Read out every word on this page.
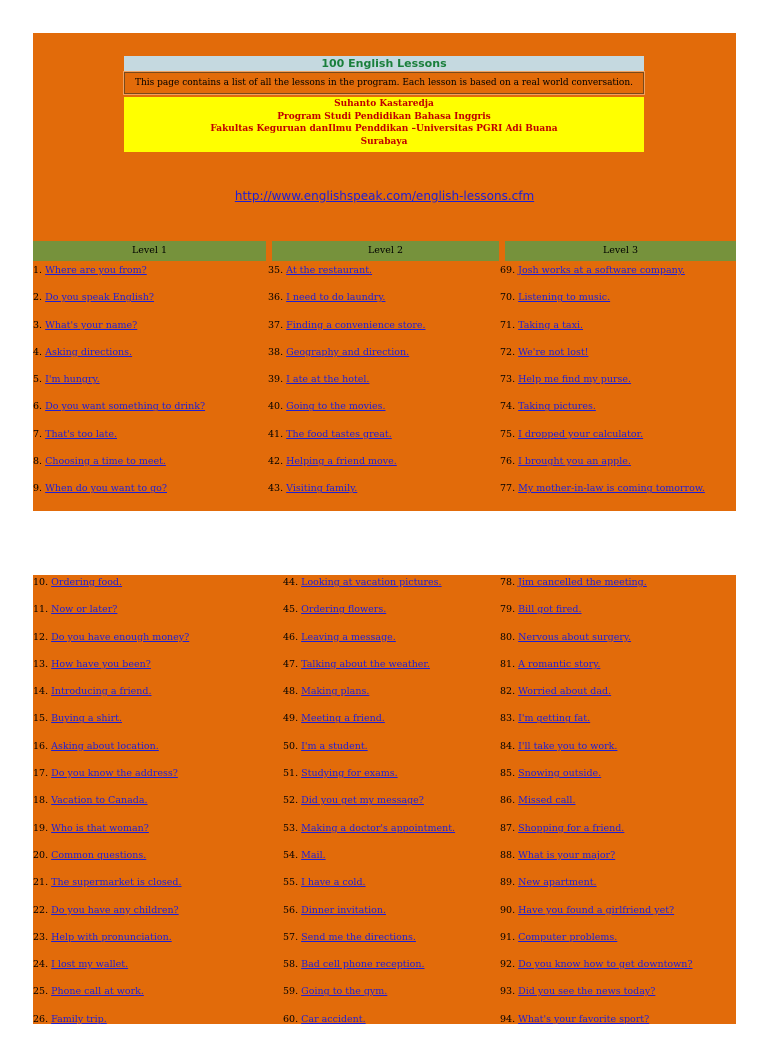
100 English Lessons
This page contains a list of all the lessons in the program. Each lesson is based on a real world conversation.
Suhanto Kastaredja
Program Studi Pendidikan Bahasa Inggris
Fakultas Keguruan danIlmu Penddikan –Universitas PGRI Adi Buana
Surabaya
http://www.englishspeak.com/english-lessons.cfm
Level 1	Level 2	Level 3
1. Where are you from?
2. Do you speak English?
3. What's your name?
4. Asking directions.
5. I'm hungry.
6. Do you want something to drink?
7. That's too late.
8. Choosing a time to meet.
9. When do you want to go?
35. At the restaurant.
36. I need to do laundry.
37. Finding a convenience store.
38. Geography and direction.
39. I ate at the hotel.
40. Going to the movies.
41. The food tastes great.
42. Helping a friend move.
43. Visiting family.
69. Josh works at a software company.
70. Listening to music.
71. Taking a taxi.
72. We're not lost!
73. Help me find my purse.
74. Taking pictures.
75. I dropped your calculator.
76. I brought you an apple.
77. My mother-in-law is coming tomorrow.
10. Ordering food.
11. Now or later?
12. Do you have enough money?
13. How have you been?
14. Introducing a friend.
15. Buying a shirt.
16. Asking about location.
17. Do you know the address?
18. Vacation to Canada.
19. Who is that woman?
20. Common questions.
21. The supermarket is closed.
22. Do you have any children?
23. Help with pronunciation.
24. I lost my wallet.
25. Phone call at work.
26. Family trip.
44. Looking at vacation pictures.
45. Ordering flowers.
46. Leaving a message.
47. Talking about the weather.
48. Making plans.
49. Meeting a friend.
50. I'm a student.
51. Studying for exams.
52. Did you get my message?
53. Making a doctor's appointment.
54. Mail.
55. I have a cold.
56. Dinner invitation.
57. Send me the directions.
58. Bad cell phone reception.
59. Going to the gym.
60. Car accident.
78. Jim cancelled the meeting.
79. Bill got fired.
80. Nervous about surgery.
81. A romantic story.
82. Worried about dad.
83. I'm getting fat.
84. I'll take you to work.
85. Snowing outside.
86. Missed call.
87. Shopping for a friend.
88. What is your major?
89. New apartment.
90. Have you found a girlfriend yet?
91. Computer problems.
92. Do you know how to get downtown?
93. Did you see the news today?
94. What's your favorite sport?
